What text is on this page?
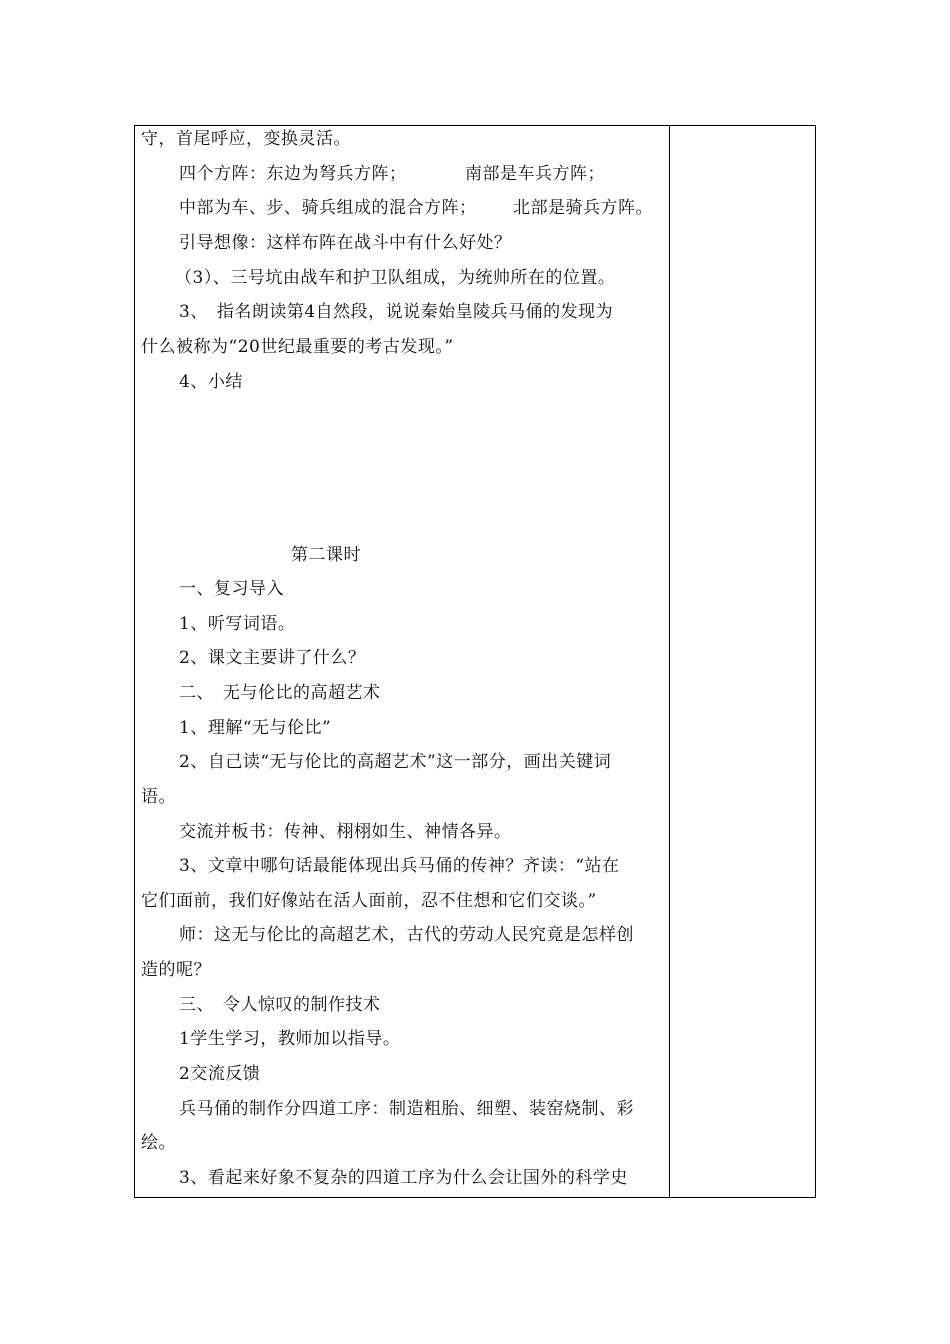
守，首尾呼应，变换灵活。
四个方阵：东边为弩兵方阵；	南部是车兵方阵；
中部为车、步、骑兵组成的混合方阵； 北部是骑兵方阵。
引导想像：这样布阵在战斗中有什么好处？
（3）、三号坑由战车和护卫队组成，为统帅所在的位置。
3、　指名朗读第4自然段，说说秦始皇陵兵马俑的发现为
什么被称为“20世纪最重要的考古发现。”
4、小结
第二课时
一、复习导入
1、听写词语。
2、课文主要讲了什么？
二、　无与伦比的高超艺术
1、理解“无与伦比”
2、自己读“无与伦比的高超艺术”这一部分，画出关键词
语。
交流并板书：传神、栩栩如生、神情各异。
3、文章中哪句话最能体现出兵马俑的传神？齐读：“站在
它们面前，我们好像站在活人面前，忍不住想和它们交谈。”
师：这无与伦比的高超艺术，古代的劳动人民究竟是怎样创
造的呢？
三、　令人惊叹的制作技术
1学生学习，教师加以指导。
2交流反馈
兵马俑的制作分四道工序：制造粗胎、细塑、装窑烧制、彩
绘。
3、看起来好象不复杂的四道工序为什么会让国外的科学史
